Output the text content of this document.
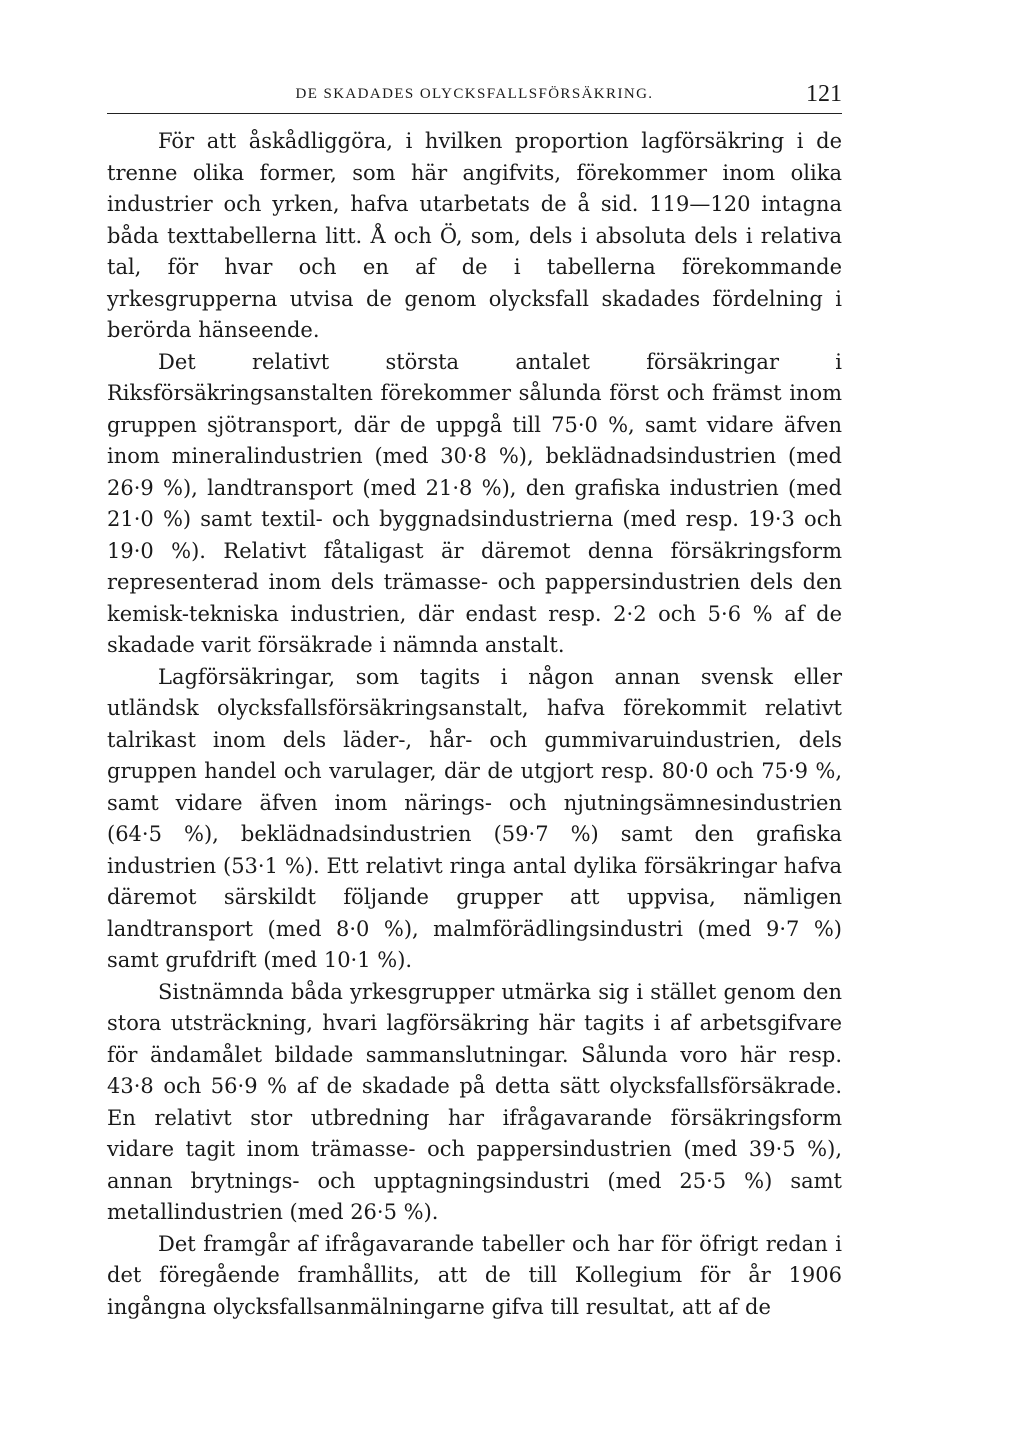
DE SKADADES OLYCKSFALLSFÖRSÄKRING.	121

För att åskådliggöra, i hvilken proportion lagförsäkring i de trenne olika former, som här angifvits, förekommer inom olika industrier och yrken, hafva utarbetats de å sid. 119—120 intagna båda texttabellerna litt. Å och Ö, som, dels i absoluta dels i relativa tal, för hvar och en af de i tabellerna förekommande yrkesgrupperna utvisa de genom olycksfall skadades fördelning i berörda hänseende.

Det relativt största antalet försäkringar i Riksförsäkringsanstalten förekommer sålunda först och främst inom gruppen sjötransport, där de uppgå till 75·0 %, samt vidare äfven inom mineralindustrien (med 30·8 %), beklädnadsindustrien (med 26·9 %), landtransport (med 21·8 %), den grafiska industrien (med 21·0 %) samt textil- och byggnadsindustrierna (med resp. 19·3 och 19·0 %). Relativt fåtaligast är däremot denna försäkringsform representerad inom dels trämasse- och pappersindustrien dels den kemisk-tekniska industrien, där endast resp. 2·2 och 5·6 % af de skadade varit försäkrade i nämnda anstalt.

Lagförsäkringar, som tagits i någon annan svensk eller utländsk olycksfallsförsäkringsanstalt, hafva förekommit relativt talrikast inom dels läder-, hår- och gummivaruindustrien, dels gruppen handel och varulager, där de utgjort resp. 80·0 och 75·9 %, samt vidare äfven inom närings- och njutningsämnesindustrien (64·5 %), beklädnadsindustrien (59·7 %) samt den grafiska industrien (53·1 %). Ett relativt ringa antal dylika försäkringar hafva däremot särskildt följande grupper att uppvisa, nämligen landtransport (med 8·0 %), malmförädlingsindustri (med 9·7 %) samt grufdrift (med 10·1 %).

Sistnämnda båda yrkesgrupper utmärka sig i stället genom den stora utsträckning, hvari lagförsäkring här tagits i af arbetsgifvare för ändamålet bildade sammanslutningar. Sålunda voro här resp. 43·8 och 56·9 % af de skadade på detta sätt olycksfallsförsäkrade. En relativt stor utbredning har ifrågavarande försäkringsform vidare tagit inom trämasse- och pappersindustrien (med 39·5 %), annan brytnings- och upptagningsindustri (med 25·5 %) samt metallindustrien (med 26·5 %).

Det framgår af ifrågavarande tabeller och har för öfrigt redan i det föregående framhållits, att de till Kollegium för år 1906 ingångna olycksfallsanmälningarne gifva till resultat, att af de
